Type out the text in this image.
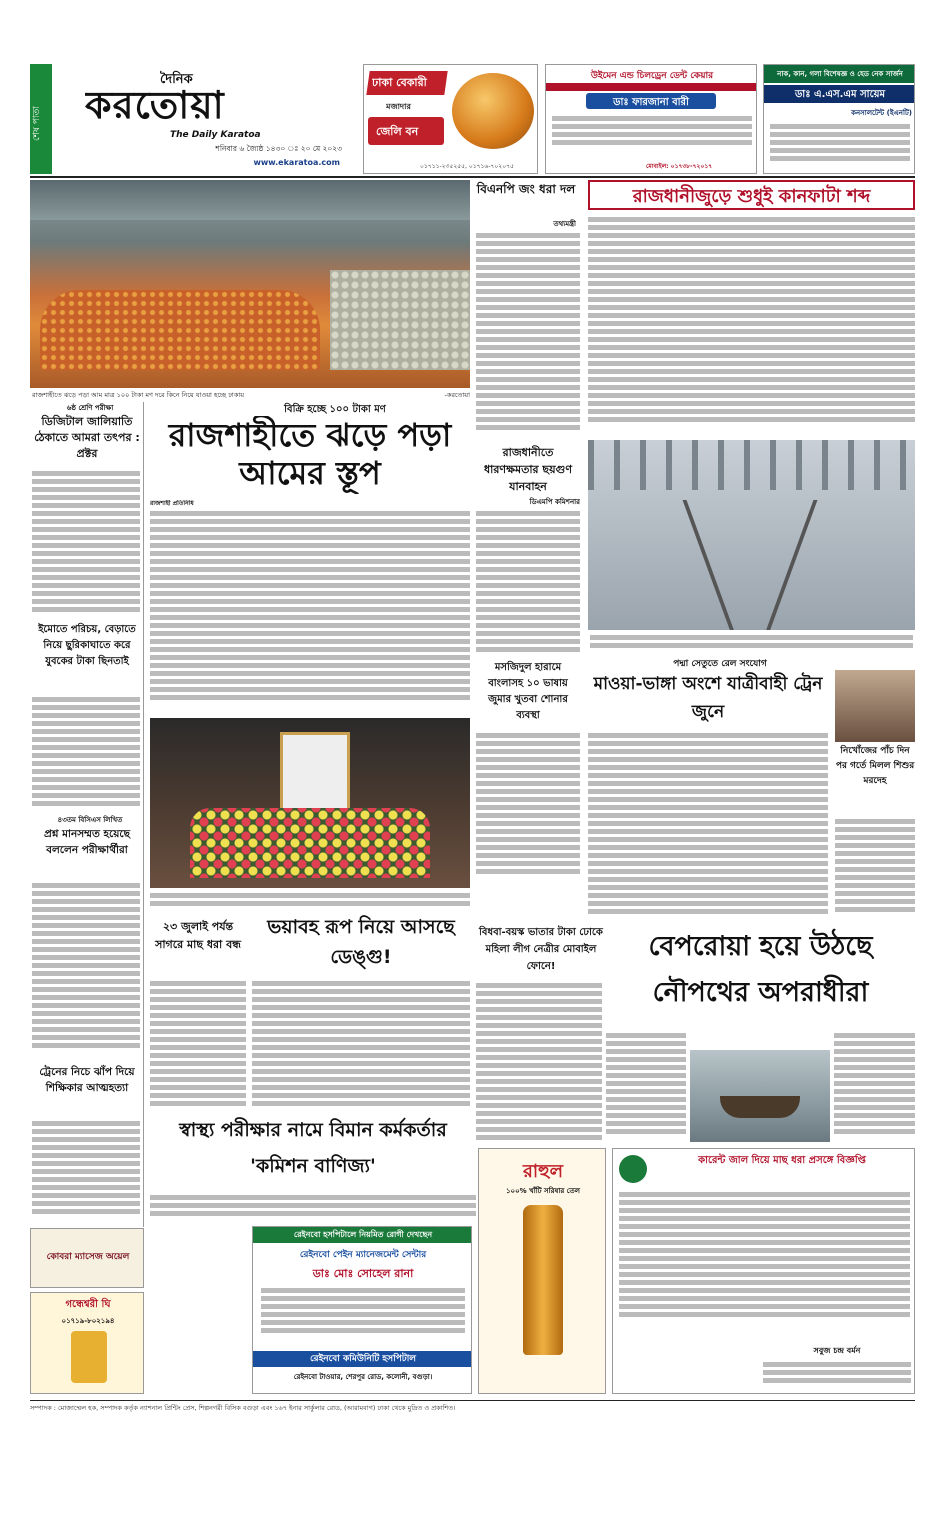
শেষ পাতা
দৈনিক
করতোয়া
The Daily Karatoa
শনিবার ৬ জ্যৈষ্ঠ ১৪৩০ ঃ ২০ মে ২০২৩
www.ekaratoa.com
ঢাকা বেকারী
মজাদার
জেলি বন
০১৭১১-২৩৫২৫৫, ০১৭১৬-৭০২০৭৫
উইমেন এন্ড চিলড্রেন ডেন্ট কেয়ার
ডাঃ ফারজানা বারী
মোবাইল: ০১৭৩৮-৭২০১৭
নাক, কান, গলা বিশেষজ্ঞ ও হেড নেক সার্জন
ডাঃ এ.এস.এম সায়েম
কনসালটেন্ট (ইএনটি)
রাজশাহীতে ঝড়ে পড়া আম মাত্র ১০০ টাকা মণ দরে কিনে নিয়ে যাওয়া হচ্ছে ঢাকায়	-করতোয়া
বিক্রি হচ্ছে ১০০ টাকা মণ
রাজশাহীতে ঝড়ে পড়া আমের স্তূপ
রাজশাহী প্রতিনিধি
৬ষ্ঠ শ্রেণি পরীক্ষা
ডিজিটাল জালিয়াতি ঠেকাতে আমরা তৎপর : প্রক্টর
ইমোতে পরিচয়, বেড়াতে নিয়ে ছুরিকাঘাতে করে যুবকের টাকা ছিনতাই
৪৩তম বিসিএস লিখিত
প্রশ্ন মানসম্মত হয়েছে বললেন পরীক্ষার্থীরা
ট্রেনের নিচে ঝাঁপ দিয়ে শিক্ষিকার আত্মহত্যা
২৩ জুলাই পর্যন্ত সাগরে মাছ ধরা বন্ধ
ভয়াবহ রূপ নিয়ে আসছে ডেঙ্গু!
বিএনপি জং ধরা দল
তথ্যমন্ত্রী
রাজধানীতে ধারণক্ষমতার ছয়গুণ যানবাহন
ডিএমপি কমিশনার
মসজিদুল হারামে বাংলাসহ ১০ ভাষায় জুমার খুতবা শোনার ব্যবস্থা
বিধবা-বয়স্ক ভাতার টাকা ঢোকে মহিলা লীগ নেত্রীর মোবাইল ফোনে!
রাজধানীজুড়ে শুধুই কানফাটা শব্দ
পদ্মা সেতুতে রেল সংযোগ
মাওয়া-ভাঙ্গা অংশে যাত্রীবাহী ট্রেন জুনে
নিখোঁজের পাঁচ দিন পর গর্তে মিলল শিশুর মরদেহ
বেপরোয়া হয়ে উঠছে নৌপথের অপরাধীরা
স্বাস্থ্য পরীক্ষার নামে বিমান কর্মকর্তার 'কমিশন বাণিজ্য'
কোবরা ম্যাসেজ অয়েল
গন্ধেশ্বরী ঘি
০১৭১৯-৮০২১৯৪
রেইনবো হসপিটালে নিয়মিত রোগী দেখছেন
রেইনবো পেইন ম্যানেজমেন্ট সেন্টার
ডাঃ মোঃ সোহেল রানা
রেইনবো কমিউনিটি হসপিটাল
রেইনবো টাওয়ার, শেরপুর রোড, কলোনী, বগুড়া।
রাহুল
১০০% খাঁটি সরিষার তেল
কারেন্ট জাল দিয়ে মাছ ধরা প্রসঙ্গে বিজ্ঞপ্তি
সবুজ চন্দ্র বর্মন
সম্পাদক : মোজাম্মেল হক, সম্পাদক কর্তৃক ন্যাশনাল প্রিন্টিং প্রেস, শিল্পনগরী বিসিক বগুড়া এবং ১৬৭ ইনার সার্কুলার রোড, (আরামবাগ) ঢাকা থেকে মুদ্রিত ও প্রকাশিত।
